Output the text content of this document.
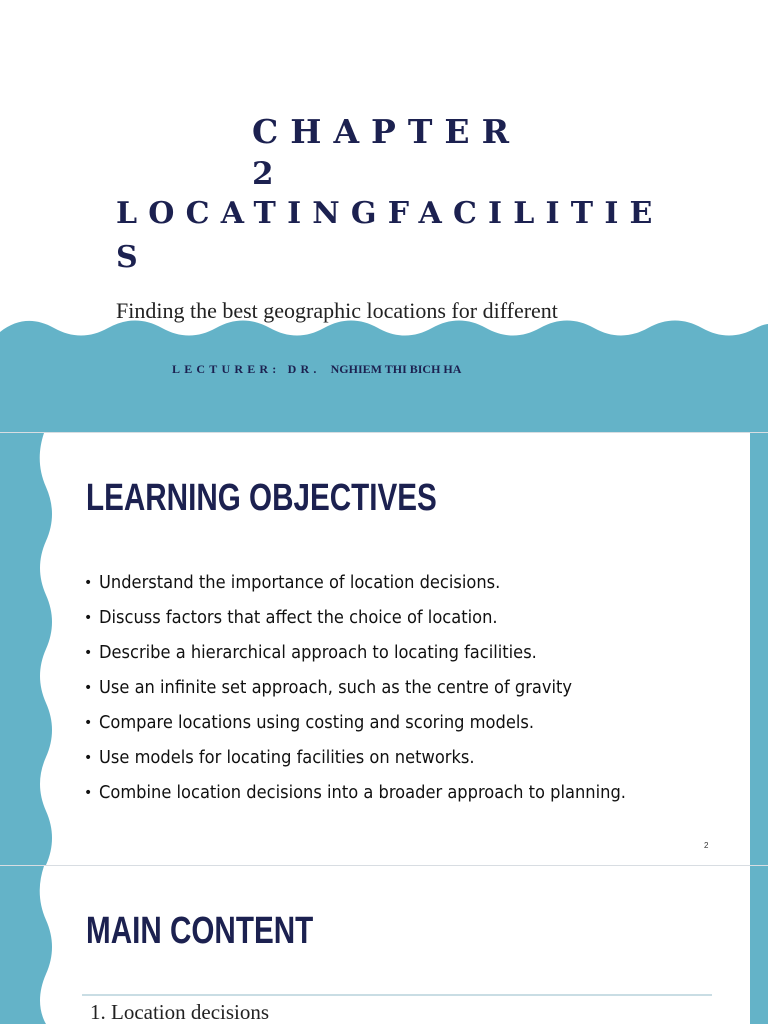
CHAPTER
2
LOCATINGFACILITIES

Finding the best geographic locations for different

LECTURER: DR. NGHIEM THI BICH HA
LEARNING OBJECTIVES
• Understand the importance of location decisions.
• Discuss factors that affect the choice of location.
• Describe a hierarchical approach to locating facilities.
• Use an infinite set approach, such as the centre of gravity
• Compare locations using costing and scoring models.
• Use models for locating facilities on networks.
• Combine location decisions into a broader approach to planning.
2
MAIN CONTENT

1. Location decisions
